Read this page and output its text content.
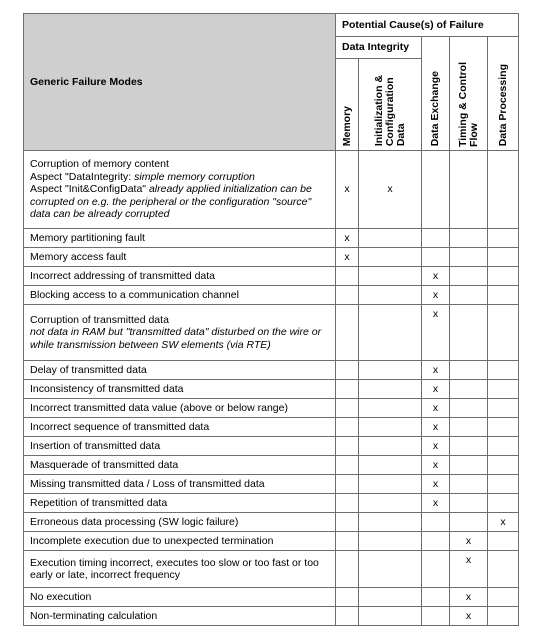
Generic Failure Modes	Potential Cause(s) of Failure				
	Data Integrity		Data Exchange	Timing & Control Flow	Data Processing

	Memory	Initialization & Configuration Data			

Corruption of memory content
Aspect "DataIntegrity: simple memory corruption
Aspect "Init&ConfigData" already applied initialization can be
corrupted on e.g. the peripheral or the configuration "source"
data can be already corrupted	x	x			

Memory partitioning fault	x				

Memory access fault	x				

Incorrect addressing of transmitted data			x		

Blocking access to a communication channel			x		

Corruption of transmitted data
not data in RAM but "transmitted data" disturbed on the wire or
while transmission between SW elements (via RTE)			x		

Delay of transmitted data			x		

Inconsistency of transmitted data			x		

Incorrect transmitted data value (above or below range)			x		

Incorrect sequence of transmitted data			x		

Insertion of transmitted data			x		

Masquerade of transmitted data			x		

Missing transmitted data / Loss of transmitted data			x		

Repetition of transmitted data			x		

Erroneous data processing (SW logic failure)					x

Incomplete execution due to unexpected termination				x	

Execution timing incorrect, executes too slow or too fast or too
early or late, incorrect frequency				x	

No execution				x	

Non-terminating calculation				x	
